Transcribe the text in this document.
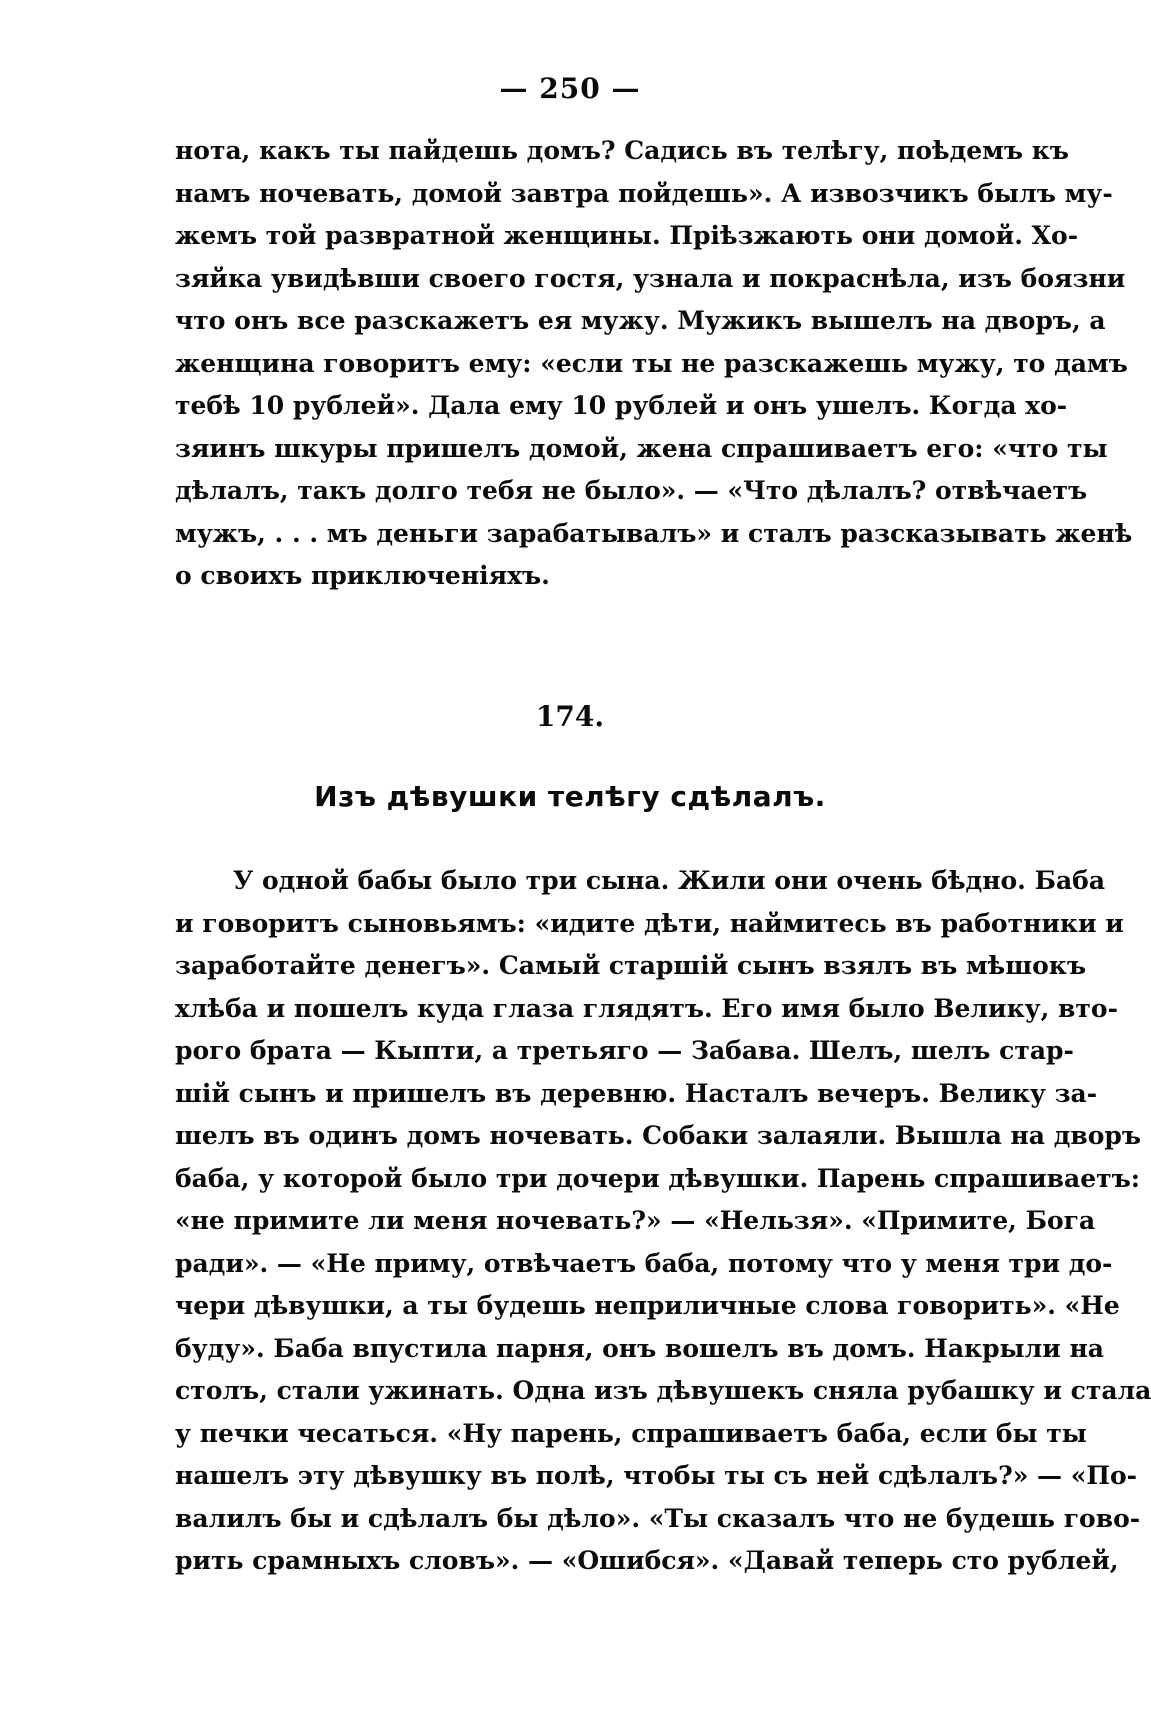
— 250 —
нота, какъ ты пайдешь домъ? Садись въ телѣгу, поѣдемъ къ
намъ ночевать, домой завтра пойдешь». А извозчикъ былъ му-
жемъ той развратной женщины. Пріѣзжають они домой. Хо-
зяйка увидѣвши своего гостя, узнала и покраснѣла, изъ боязни
что онъ все разскажетъ ея мужу. Мужикъ вышелъ на дворъ, а
женщина говоритъ ему: «если ты не разскажешь мужу, то дамъ
тебѣ 10 рублей». Дала ему 10 рублей и онъ ушелъ. Когда хо-
зяинъ шкуры пришелъ домой, жена спрашиваетъ его: «что ты
дѣлалъ, такъ долго тебя не было». — «Что дѣлалъ? отвѣчаетъ
мужъ, . . . мъ деньги зарабатывалъ» и сталъ разсказывать женѣ
о своихъ приключеніяхъ.
174.
Изъ дѣвушки телѣгу сдѣлалъ.
У одной бабы было три сына. Жили они очень бѣдно. Баба
и говоритъ сыновьямъ: «идите дѣти, наймитесь въ работники и
заработайте денегъ». Самый старшій сынъ взялъ въ мѣшокъ
хлѣба и пошелъ куда глаза глядятъ. Его имя было Велику, вто-
рого брата — Кыпти, а третьяго — Забава. Шелъ, шелъ стар-
шій сынъ и пришелъ въ деревню. Насталъ вечеръ. Велику за-
шелъ въ одинъ домъ ночевать. Собаки залаяли. Вышла на дворъ
баба, у которой было три дочери дѣвушки. Парень спрашиваетъ:
«не примите ли меня ночевать?» — «Нельзя». «Примите, Бога
ради». — «Не приму, отвѣчаетъ баба, потому что у меня три до-
чери дѣвушки, а ты будешь неприличные слова говорить». «Не
буду». Баба впустила парня, онъ вошелъ въ домъ. Накрыли на
столъ, стали ужинать. Одна изъ дѣвушекъ сняла рубашку и стала
у печки чесаться. «Ну парень, спрашиваетъ баба, если бы ты
нашелъ эту дѣвушку въ полѣ, чтобы ты съ ней сдѣлалъ?» — «По-
валилъ бы и сдѣлалъ бы дѣло». «Ты сказалъ что не будешь гово-
рить срамныхъ словъ». — «Ошибся». «Давай теперь сто рублей,
